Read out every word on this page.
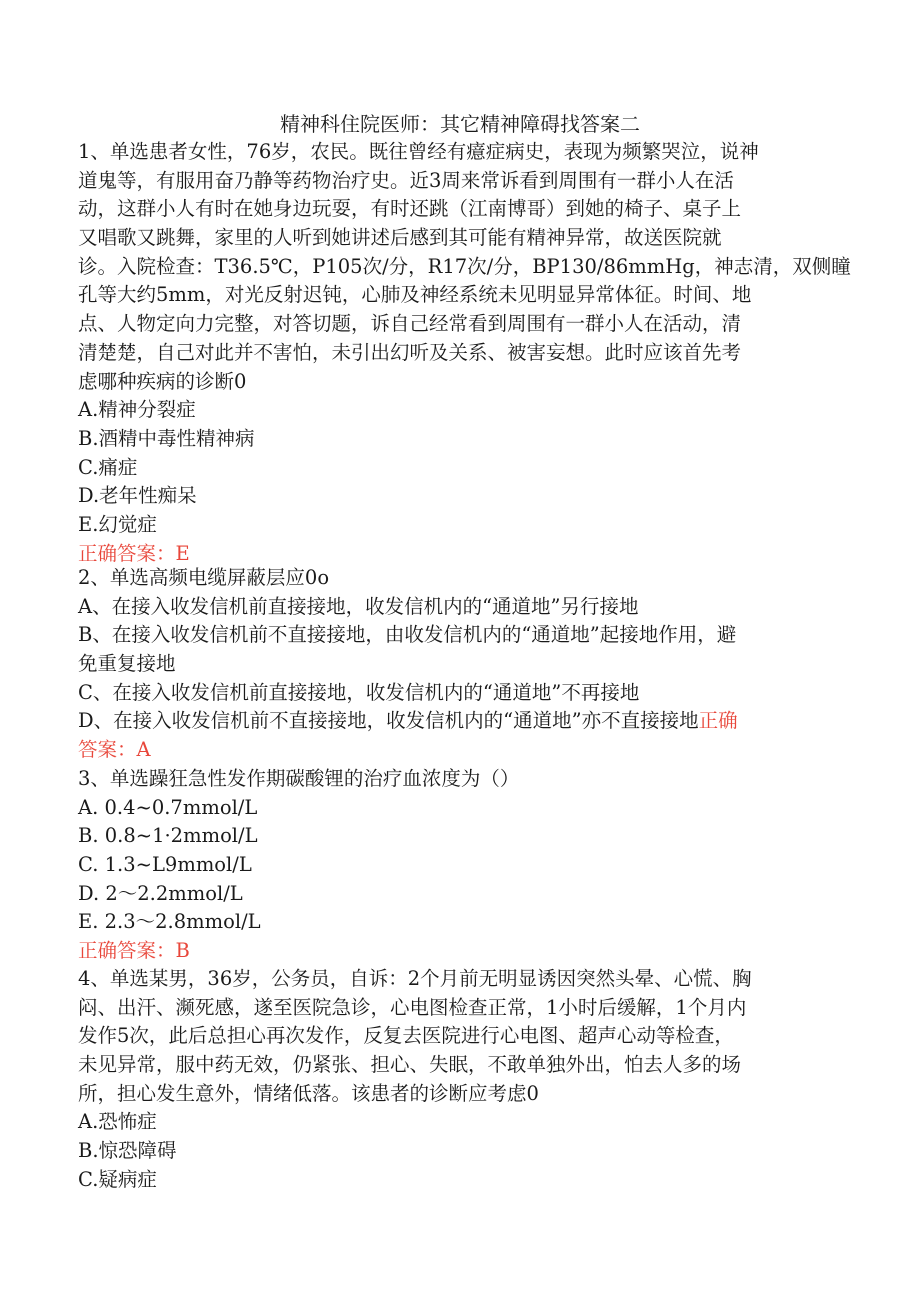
精神科住院医师：其它精神障碍找答案二
1、单选患者女性，76岁，农民。既往曾经有癔症病史，表现为频繁哭泣，说神
道鬼等，有服用奋乃静等药物治疗史。近3周来常诉看到周围有一群小人在活
动，这群小人有时在她身边玩耍，有时还跳（江南博哥）到她的椅子、桌子上
又唱歌又跳舞，家里的人听到她讲述后感到其可能有精神异常，故送医院就
诊。入院检查：T36.5℃，P105次/分，R17次/分，BP130/86mmHg，神志清，双侧瞳
孔等大约5mm，对光反射迟钝，心肺及神经系统未见明显异常体征。时间、地
点、人物定向力完整，对答切题，诉自己经常看到周围有一群小人在活动，清
清楚楚，自己对此并不害怕，未引出幻听及关系、被害妄想。此时应该首先考
虑哪种疾病的诊断0
A.精神分裂症
B.酒精中毒性精神病
C.痛症
D.老年性痴呆
E.幻觉症
正确答案：E
2、单选高频电缆屏蔽层应0o
A、在接入收发信机前直接接地，收发信机内的“通道地”另行接地
B、在接入收发信机前不直接接地，由收发信机内的“通道地”起接地作用，避
免重复接地
C、在接入收发信机前直接接地，收发信机内的“通道地”不再接地
D、在接入收发信机前不直接接地，收发信机内的“通道地”亦不直接接地正确
答案：A
3、单选躁狂急性发作期碳酸锂的治疗血浓度为（）
A. 0.4~0.7mmol/L
B. 0.8~1·2mmol/L
C. 1.3~L9mmol/L
D. 2～2.2mmol/L
E. 2.3～2.8mmol/L
正确答案：B
4、单选某男，36岁，公务员，自诉：2个月前无明显诱因突然头晕、心慌、胸
闷、出汗、濒死感，遂至医院急诊，心电图检查正常，1小时后缓解，1个月内
发作5次，此后总担心再次发作，反复去医院进行心电图、超声心动等检查，
未见异常，服中药无效，仍紧张、担心、失眠，不敢单独外出，怕去人多的场
所，担心发生意外，情绪低落。该患者的诊断应考虑0
A.恐怖症
B.惊恐障碍
C.疑病症
